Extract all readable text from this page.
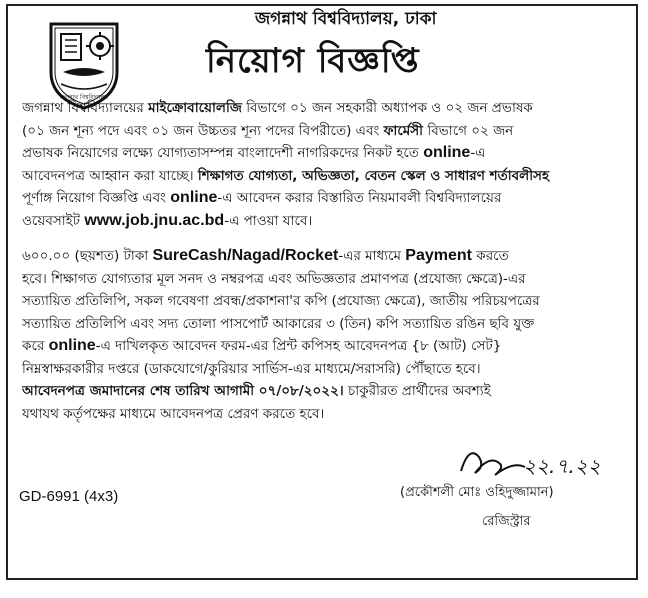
জগন্নাথ বিশ্ববিদ্যালয়
জগন্নাথ বিশ্ববিদ্যালয়, ঢাকা
নিয়োগ বিজ্ঞপ্তি
জগন্নাথ বিশ্ববিদ্যালয়ের মাইক্রোবায়োলজি বিভাগে ০১ জন সহকারী অধ্যাপক ও ০২ জন প্রভাষক
(০১ জন শূন্য পদে এবং ০১ জন উচ্চতর শূন্য পদের বিপরীতে) এবং ফার্মেসী বিভাগে ০২ জন
প্রভাষক নিয়োগের লক্ষ্যে যোগ্যতাসম্পন্ন বাংলাদেশী নাগরিকদের নিকট হতে online-এ
আবেদনপত্র আহ্বান করা যাচ্ছে। শিক্ষাগত যোগ্যতা, অভিজ্ঞতা, বেতন স্কেল ও সাধারণ শর্তাবলীসহ
পূর্ণাঙ্গ নিয়োগ বিজ্ঞপ্তি এবং online-এ আবেদন করার বিস্তারিত নিয়মাবলী বিশ্ববিদ্যালয়ের
ওয়েবসাইট www.job.jnu.ac.bd-এ পাওয়া যাবে।
৬০০.০০ (ছয়শত) টাকা SureCash/Nagad/Rocket-এর মাধ্যমে Payment করতে
হবে। শিক্ষাগত যোগ্যতার মূল সনদ ও নম্বরপত্র এবং অভিজ্ঞতার প্রমাণপত্র (প্রযোজ্য ক্ষেত্রে)-এর
সত্যায়িত প্রতিলিপি, সকল গবেষণা প্রবন্ধ/প্রকাশনা'র কপি (প্রযোজ্য ক্ষেত্রে), জাতীয় পরিচয়পত্রের
সত্যায়িত প্রতিলিপি এবং সদ্য তোলা পাসপোর্ট আকারের ৩ (তিন) কপি সত্যায়িত রঙিন ছবি যুক্ত
করে online-এ দাখিলকৃত আবেদন ফরম-এর প্রিন্ট কপিসহ আবেদনপত্র {৮ (আট) সেট}
নিম্নস্বাক্ষরকারীর দপ্তরে (ডাকযোগে/কুরিয়ার সার্ভিস-এর মাধ্যমে/সরাসরি) পৌঁছাতে হবে।
আবেদনপত্র জমাদানের শেষ তারিখ আগামী ০৭/০৮/২০২২। চাকুরীরত প্রার্থীদের অবশ্যই
যথাযথ কর্তৃপক্ষের মাধ্যমে আবেদনপত্র প্রেরণ করতে হবে।
২২.৭.২২
(প্রকৌশলী মোঃ ওহিদুজ্জামান)
রেজিস্ট্রার
GD-6991 (4x3)
